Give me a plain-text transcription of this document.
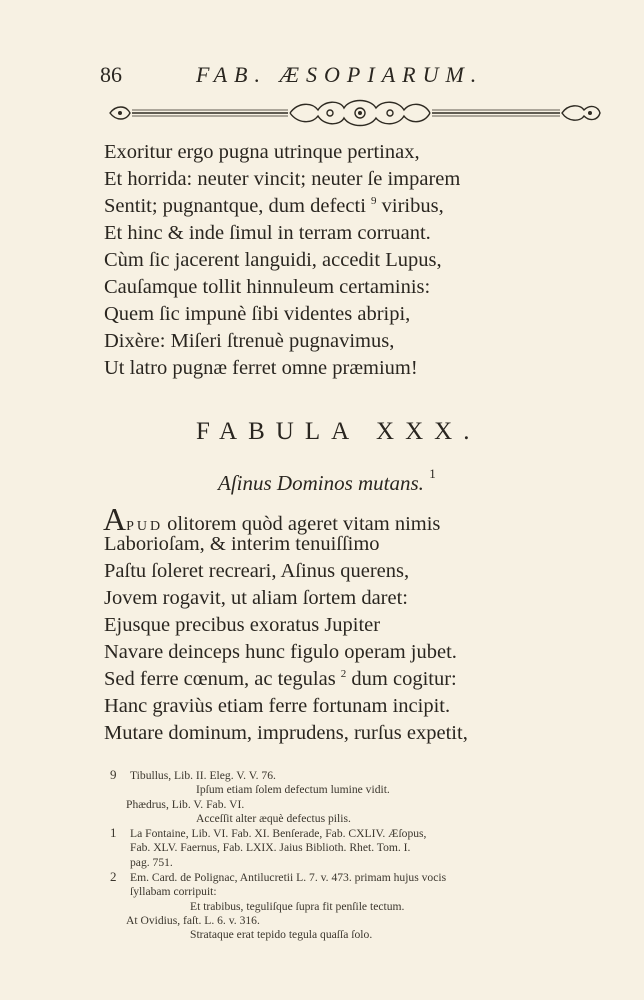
86	FAB. ÆSOPIARUM.
Exoritur ergo pugna utrinque pertinax,
Et horrida: neuter vincit; neuter ſe imparem
Sentit; pugnantque, dum defecti $^9$ viribus,
Et hinc & inde ſimul in terram corruant.
Cùm ſic jacerent languidi, accedit Lupus,
Cauſamque tollit hinnuleum certaminis:
Quem ſic impunè ſibi videntes abripi,
Dixère: Miſeri ſtrenuè pugnavimus,
Ut latro pugnæ ferret omne præmium!
FABULA XXX.
Aſinus Dominos mutans. $^1$
APUD olitorem quòd ageret vitam nimis
Laborioſam, & interim tenuiſſimo
Paſtu ſoleret recreari, Aſinus querens,
Jovem rogavit, ut aliam ſortem daret:
Ejusque precibus exoratus Jupiter
Navare deinceps hunc figulo operam jubet.
Sed ferre cœnum, ac tegulas $^2$ dum cogitur:
Hanc graviùs etiam ferre fortunam incipit.
Mutare dominum, imprudens, rurſus expetit,
9 Tibullus, Lib. II. Eleg. V. V. 76.
Ipſum etiam ſolem defectum lumine vidit.
Phædrus, Lib. V. Fab. VI.
Acceſſit alter æquè defectus pilis.
1 La Fontaine, Lib. VI. Fab. XI. Benſerade, Fab. CXLIV. Æſopus,
Fab. XLV. Faernus, Fab. LXIX. Jaius Biblioth. Rhet. Tom. I.
pag. 751.
2 Em. Card. de Polignac, Antilucretii L. 7. v. 473. primam hujus vocis
ſyllabam corripuit:
Et trabibus, teguliſque ſupra fit penſile tectum.
At Ovidius, faſt. L. 6. v. 316.
Strataque erat tepido tegula quaſſa ſolo.
